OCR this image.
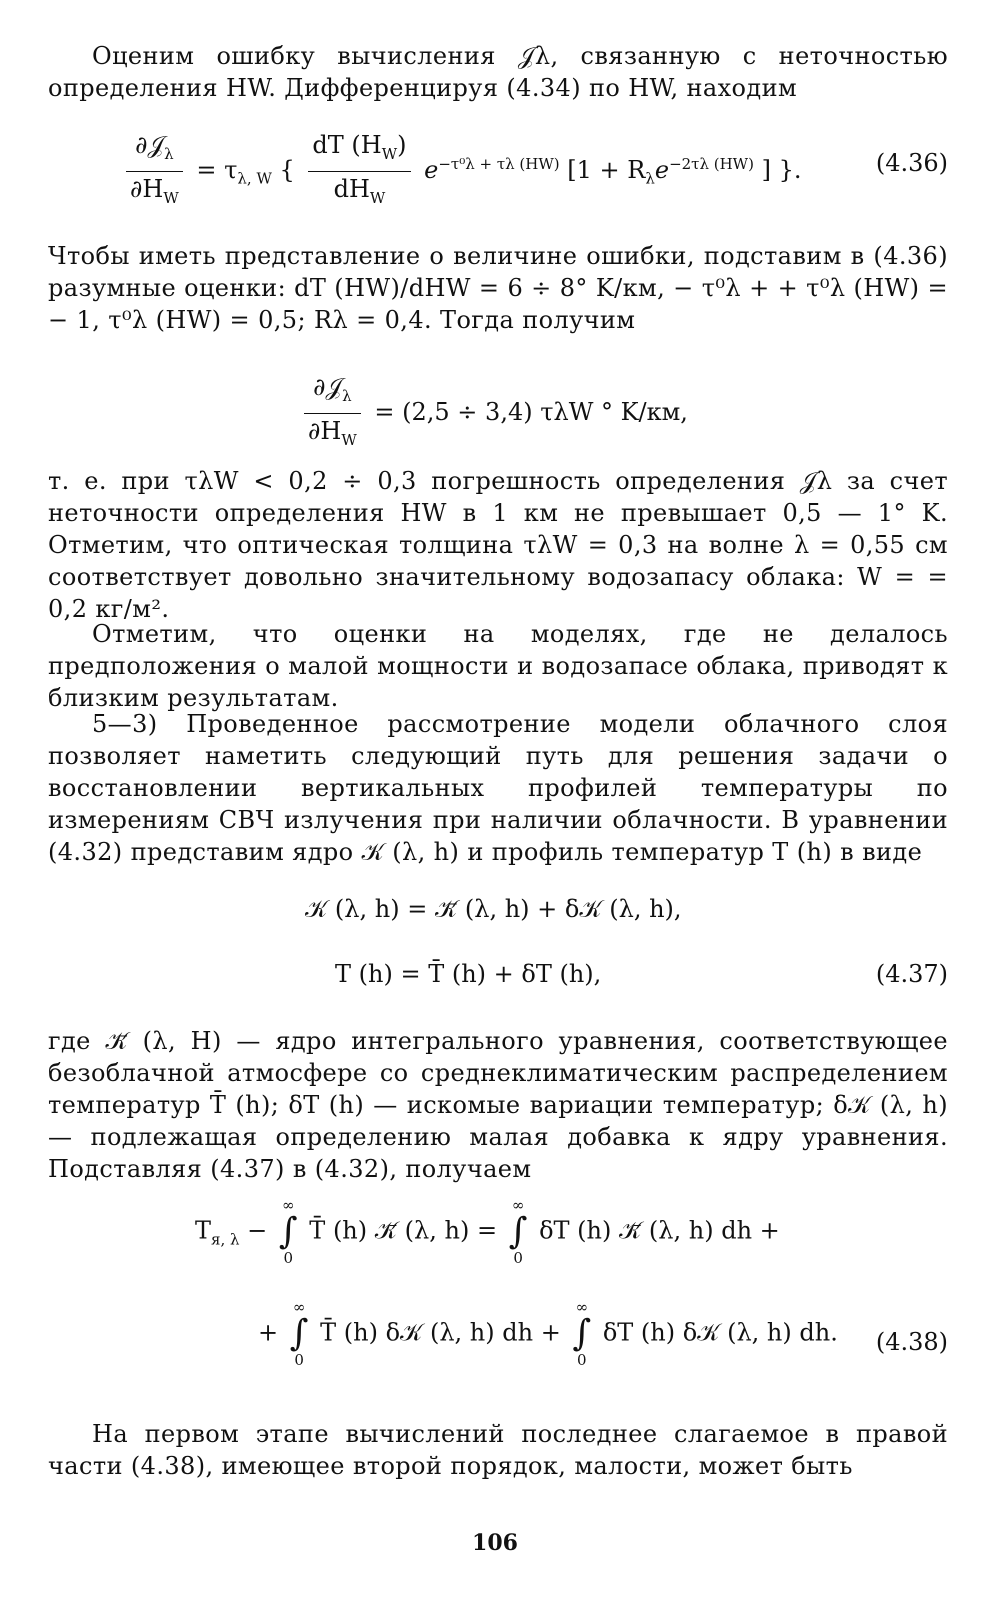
Оценим ошибку вычисления 𝒥λ, связанную с неточностью определения HW. Дифференцируя (4.34) по HW, находим

$\frac{\partial 𝒥_\lambda}{\partial H_W} = \tau_{\lambda, W}$ { $\frac{dT (H_W)}{dH_W} e^{-\tau^0\lambda + \tau\lambda (HW)}$ [$1 + R_\lambda e^{-2\tau\lambda (HW)}$ ] }.	(4.36)

Чтобы иметь представление о величине ошибки, подставим в (4.36) разумные оценки: dT (HW)/dHW = 6 ÷ 8° K/км, − τ⁰λ + + τ⁰λ (HW) = − 1, τ⁰λ (HW) = 0,5; Rλ = 0,4. Тогда получим

$\frac{\partial 𝒥_\lambda}{\partial H_W} = (2,5 \div 3,4)$ τλW ° K/км,

т. е. при τλW < 0,2 ÷ 0,3 погрешность определения 𝒥λ за счет неточности определения HW в 1 км не превышает 0,5 — 1° K. Отметим, что оптическая толщина τλW = 0,3 на волне λ = 0,55 см соответствует довольно значительному водозапасу облака: W = = 0,2 кг/м².

Отметим, что оценки на моделях, где не делалось предположения о малой мощности и водозапасе облака, приводят к близким результатам.

5—3) Проведенное рассмотрение модели облачного слоя позволяет наметить следующий путь для решения задачи о восстановлении вертикальных профилей температуры по измерениям СВЧ излучения при наличии облачности. В уравнении (4.32) представим ядро 𝒦 (λ, h) и профиль температур T (h) в виде

𝒦 (λ, h) = 𝒦̄ (λ, h) + δ𝒦 (λ, h),
T (h) = T̄ (h) + δT (h),	(4.37)

где 𝒦̄ (λ, H) — ядро интегрального уравнения, соответствующее безоблачной атмосфере со среднеклиматическим распределением температур T̄ (h); δT (h) — искомые вариации температур; δ𝒦 (λ, h) — подлежащая определению малая добавка к ядру уравнения. Подставляя (4.37) в (4.32), получаем

$T_{я, \lambda}$ − ∞
∫
0 T̄ (h) 𝒦̄ (λ, h) = ∞
∫
0 δT (h) 𝒦̄ (λ, h) dh +
+ ∞
∫
0 T̄ (h) δ𝒦 (λ, h) dh + ∞
∫
0 δT (h) δ𝒦 (λ, h) dh. (4.38)

На первом этапе вычислений последнее слагаемое в правой части (4.38), имеющее второй порядок, малости, может быть

106
